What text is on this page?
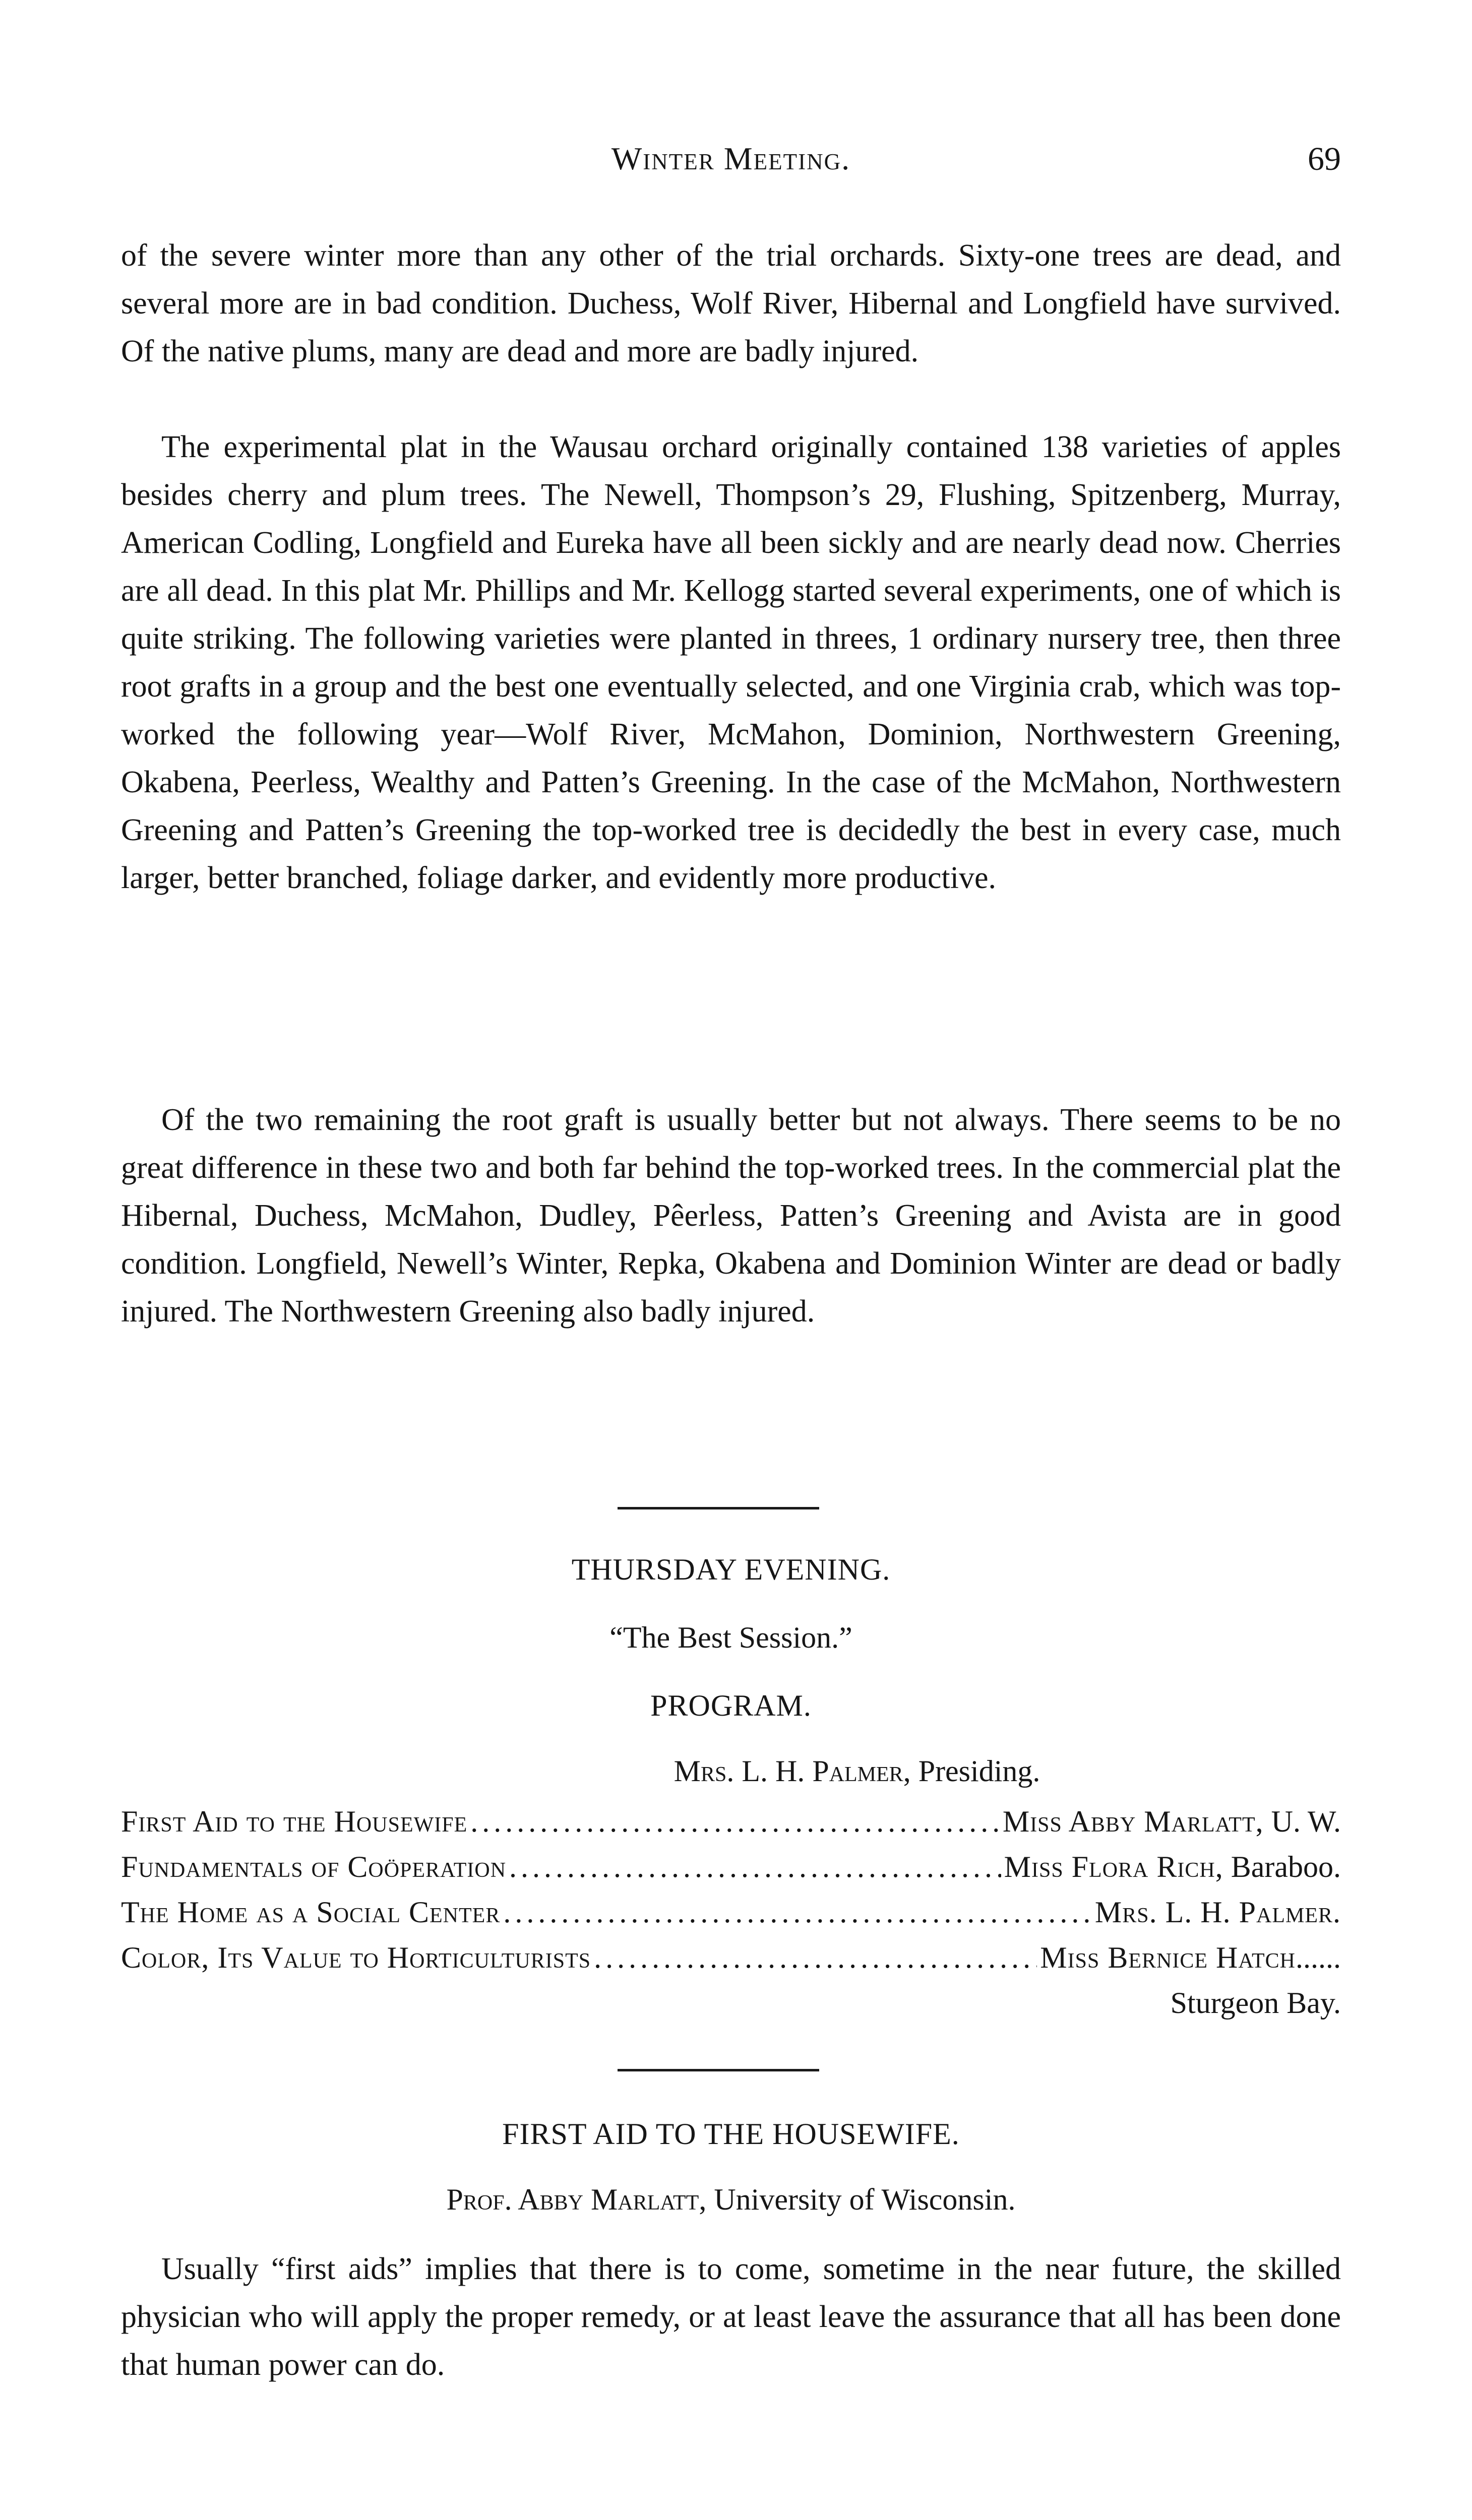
Winter Meeting.	69

of the severe winter more than any other of the trial orchards. Sixty-one trees are dead, and several more are in bad condition. Duchess, Wolf River, Hibernal and Longfield have survived. Of the native plums, many are dead and more are badly injured.

The experimental plat in the Wausau orchard originally contained 138 varieties of apples besides cherry and plum trees. The Newell, Thompson’s 29, Flushing, Spitzenberg, Murray, American Codling, Longfield and Eureka have all been sickly and are nearly dead now. Cherries are all dead. In this plat Mr. Phillips and Mr. Kellogg started several experiments, one of which is quite striking. The following varieties were planted in threes, 1 ordinary nursery tree, then three root grafts in a group and the best one eventually selected, and one Virginia crab, which was top-worked the following year—Wolf River, McMahon, Dominion, Northwestern Greening, Okabena, Peerless, Wealthy and Patten’s Greening. In the case of the McMahon, Northwestern Greening and Patten’s Greening the top-worked tree is decidedly the best in every case, much larger, better branched, foliage darker, and evidently more productive.

Of the two remaining the root graft is usually better but not always. There seems to be no great difference in these two and both far behind the top-worked trees. In the commercial plat the Hibernal, Duchess, McMahon, Dudley, Pêerless, Patten’s Greening and Avista are in good condition. Longfield, Newell’s Winter, Repka, Okabena and Dominion Winter are dead or badly injured. The Northwestern Greening also badly injured.

THURSDAY EVENING.

“The Best Session.”

PROGRAM.

Mrs. L. H. Palmer, Presiding.

First Aid to the Housewife .....	Miss Abby Marlatt, U. W.
Fundamentals of Coöperation .....	Miss Flora Rich, Baraboo.
The Home as a Social Center .....	Mrs. L. H. Palmer.
Color, Its Value to Horticulturists .....	Miss Bernice Hatch......
Sturgeon Bay.

FIRST AID TO THE HOUSEWIFE.

Prof. Abby Marlatt, University of Wisconsin.

Usually “first aids” implies that there is to come, sometime in the near future, the skilled physician who will apply the proper remedy, or at least leave the assurance that all has been done that human power can do.
